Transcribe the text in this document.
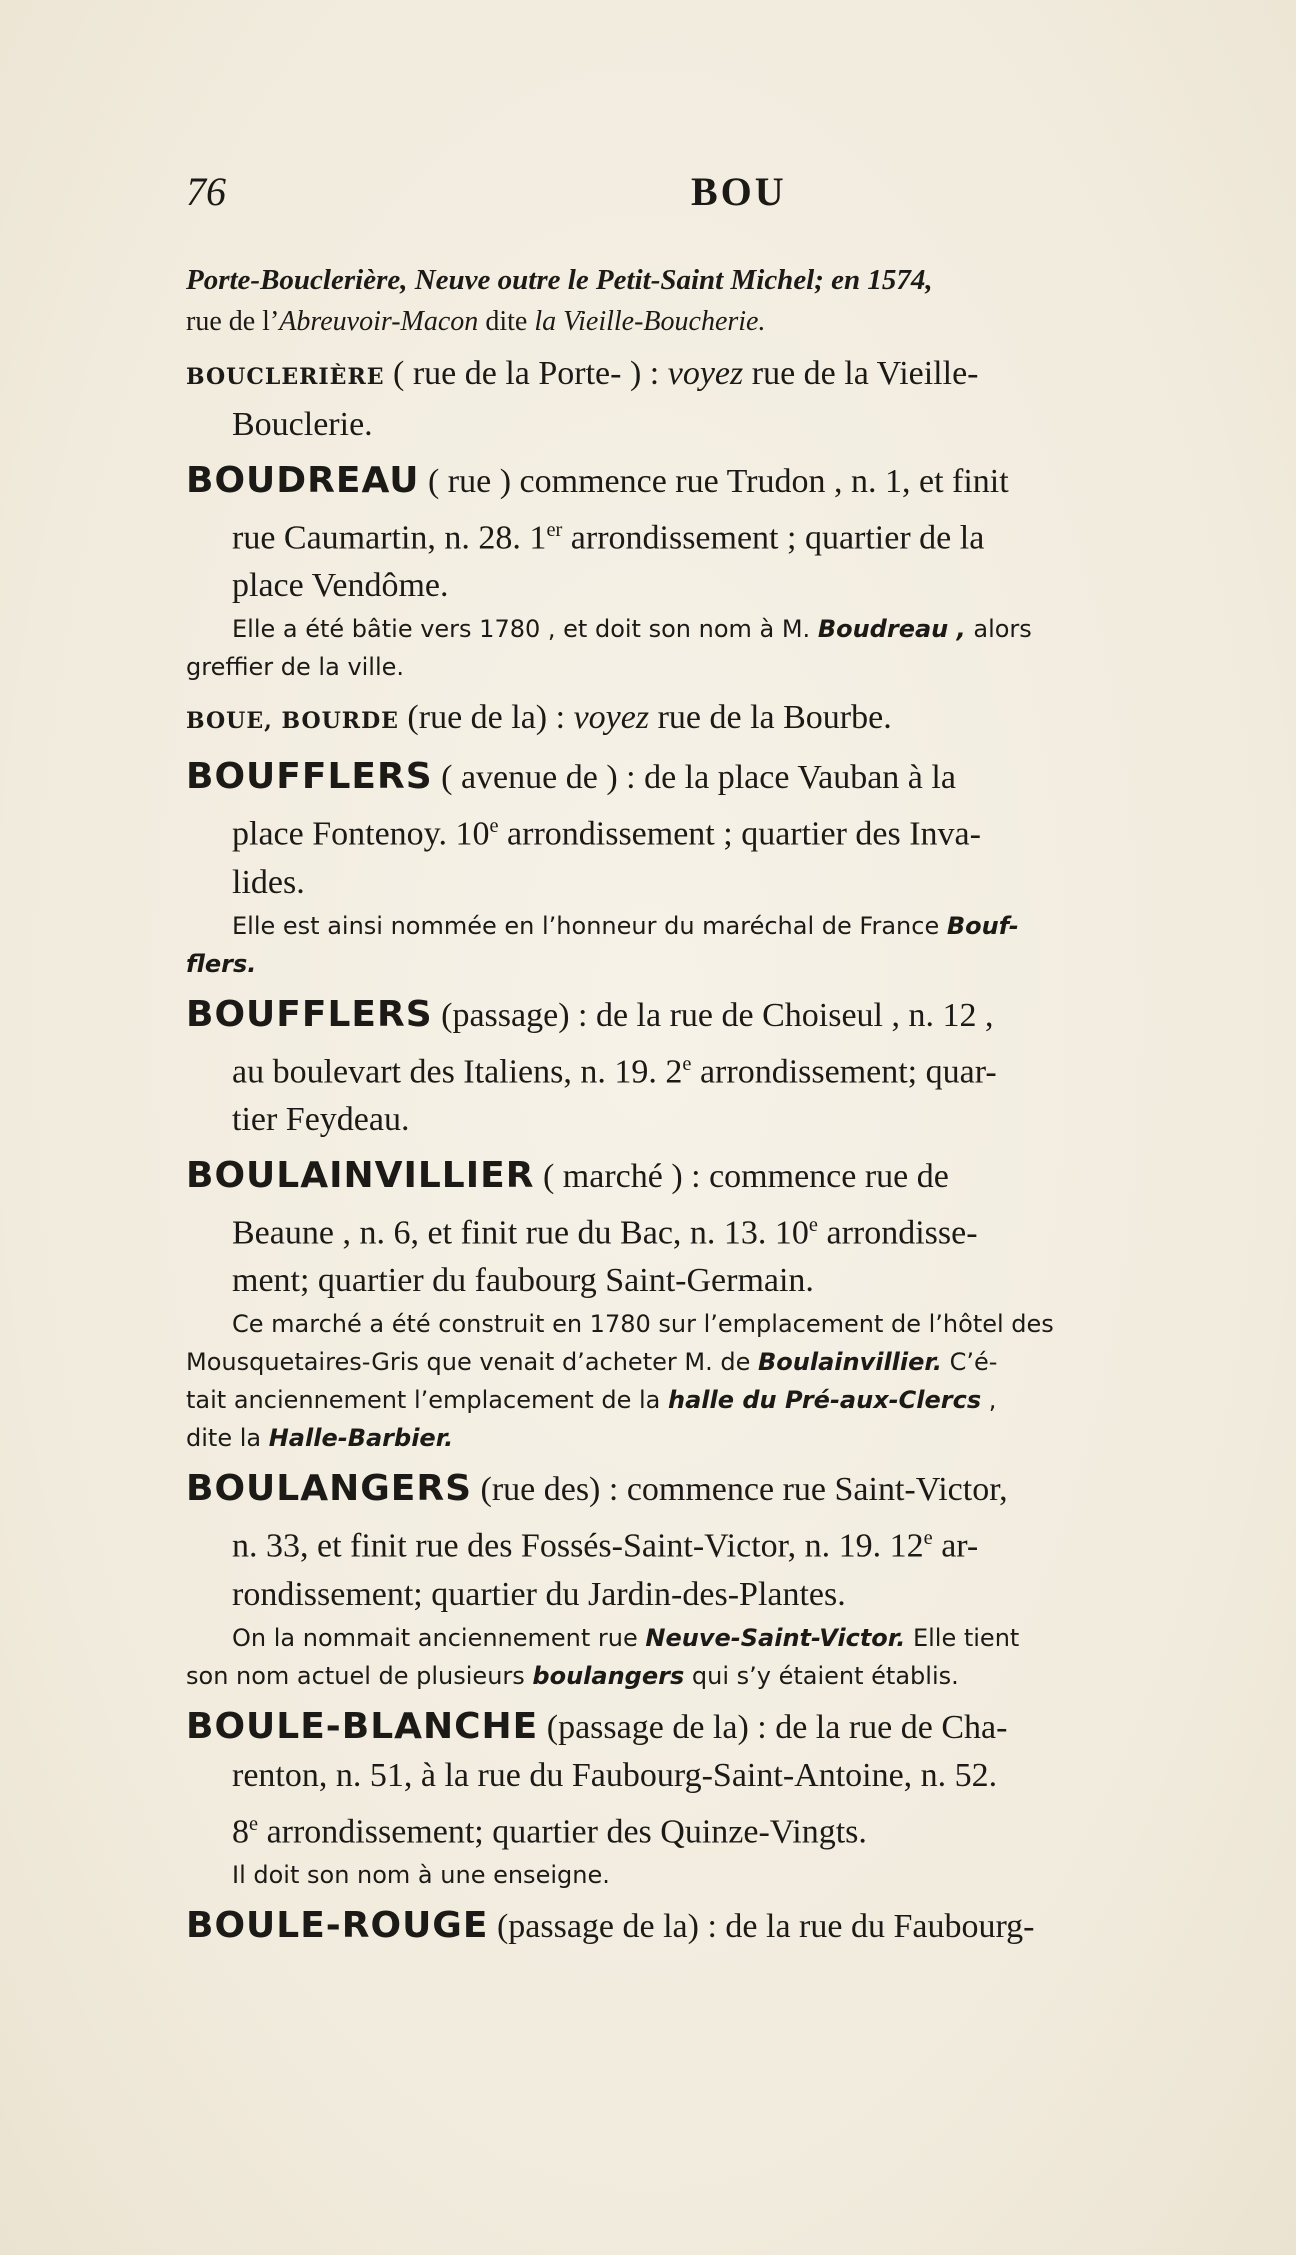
76	BOU
Porte-Bouclerière, Neuve outre le Petit-Saint Michel; en 1574,
rue de l’Abreuvoir-Macon dite la Vieille-Boucherie.
BOUCLERIÈRE ( rue de la Porte- ) : voyez rue de la Vieille-
Bouclerie.
BOUDREAU ( rue ) commence rue Trudon , n. 1, et finit
rue Caumartin, n. 28. 1er arrondissement ; quartier de la
place Vendôme.
Elle a été bâtie vers 1780 , et doit son nom à M. Boudreau , alors
greffier de la ville.
BOUE, BOURDE (rue de la) : voyez rue de la Bourbe.
BOUFFLERS ( avenue de ) : de la place Vauban à la
place Fontenoy. 10e arrondissement ; quartier des Inva-
lides.
Elle est ainsi nommée en l’honneur du maréchal de France Bouf-
flers.
BOUFFLERS (passage) : de la rue de Choiseul , n. 12 ,
au boulevart des Italiens, n. 19. 2e arrondissement; quar-
tier Feydeau.
BOULAINVILLIER ( marché ) : commence rue de
Beaune , n. 6, et finit rue du Bac, n. 13. 10e arrondisse-
ment; quartier du faubourg Saint-Germain.
Ce marché a été construit en 1780 sur l’emplacement de l’hôtel des
Mousquetaires-Gris que venait d’acheter M. de Boulainvillier. C’é-
tait anciennement l’emplacement de la halle du Pré-aux-Clercs ,
dite la Halle-Barbier.
BOULANGERS (rue des) : commence rue Saint-Victor,
n. 33, et finit rue des Fossés-Saint-Victor, n. 19. 12e ar-
rondissement; quartier du Jardin-des-Plantes.
On la nommait anciennement rue Neuve-Saint-Victor. Elle tient
son nom actuel de plusieurs boulangers qui s’y étaient établis.
BOULE-BLANCHE (passage de la) : de la rue de Cha-
renton, n. 51, à la rue du Faubourg-Saint-Antoine, n. 52.
8e arrondissement; quartier des Quinze-Vingts.
Il doit son nom à une enseigne.
BOULE-ROUGE (passage de la) : de la rue du Faubourg-
